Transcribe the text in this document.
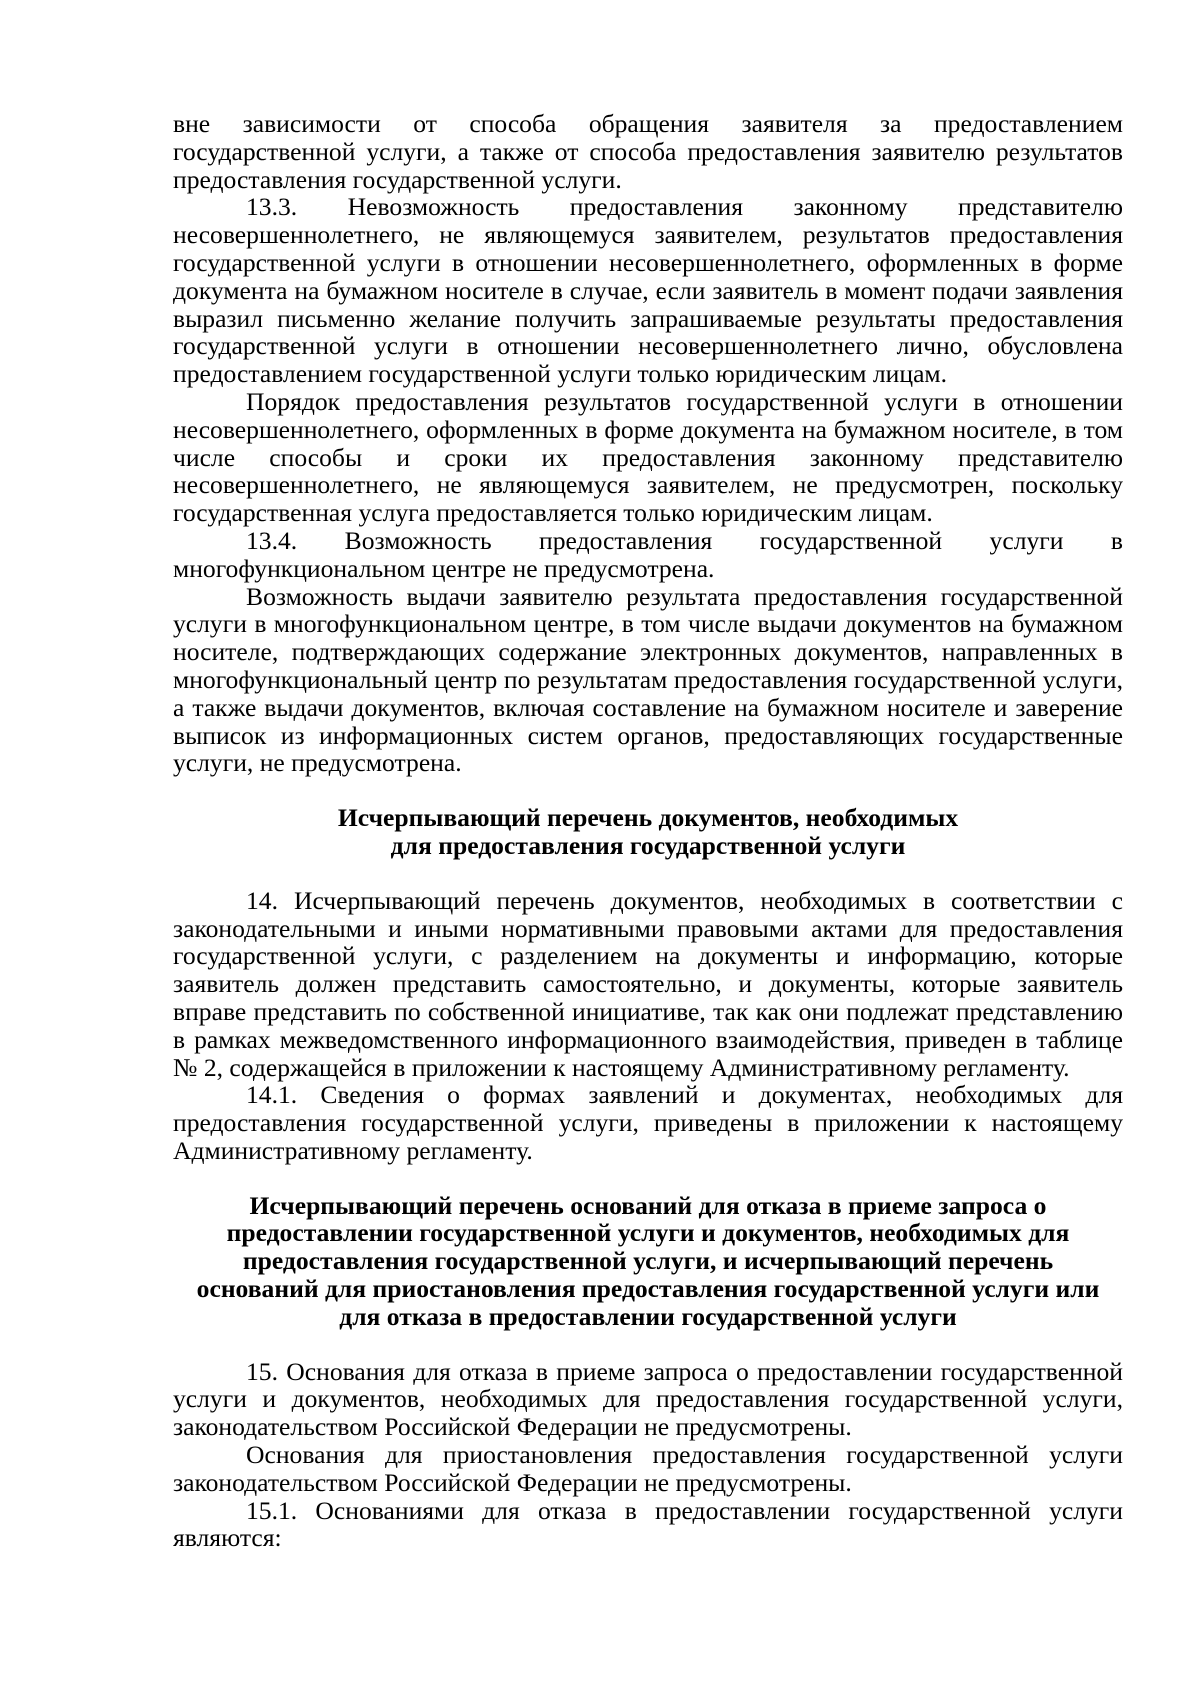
вне зависимости от способа обращения заявителя за предоставлением государственной услуги, а также от способа предоставления заявителю результатов предоставления государственной услуги.

13.3. Невозможность предоставления законному представителю несовершеннолетнего, не являющемуся заявителем, результатов предоставления государственной услуги в отношении несовершеннолетнего, оформленных в форме документа на бумажном носителе в случае, если заявитель в момент подачи заявления выразил письменно желание получить запрашиваемые результаты предоставления государственной услуги в отношении несовершеннолетнего лично, обусловлена предоставлением государственной услуги только юридическим лицам.

Порядок предоставления результатов государственной услуги в отношении несовершеннолетнего, оформленных в форме документа на бумажном носителе, в том числе способы и сроки их предоставления законному представителю несовершеннолетнего, не являющемуся заявителем, не предусмотрен, поскольку государственная услуга предоставляется только юридическим лицам.

13.4. Возможность предоставления государственной услуги в многофункциональном центре не предусмотрена.

Возможность выдачи заявителю результата предоставления государственной услуги в многофункциональном центре, в том числе выдачи документов на бумажном носителе, подтверждающих содержание электронных документов, направленных в многофункциональный центр по результатам предоставления государственной услуги, а также выдачи документов, включая составление на бумажном носителе и заверение выписок из информационных систем органов, предоставляющих государственные услуги, не предусмотрена.

Исчерпывающий перечень документов, необходимых
для предоставления государственной услуги

14. Исчерпывающий перечень документов, необходимых в соответствии с законодательными и иными нормативными правовыми актами для предоставления государственной услуги, с разделением на документы и информацию, которые заявитель должен представить самостоятельно, и документы, которые заявитель вправе представить по собственной инициативе, так как они подлежат представлению в рамках межведомственного информационного взаимодействия, приведен в таблице № 2, содержащейся в приложении к настоящему Административному регламенту.

14.1. Сведения о формах заявлений и документах, необходимых для предоставления государственной услуги, приведены в приложении к настоящему Административному регламенту.

Исчерпывающий перечень оснований для отказа в приеме запроса о
предоставлении государственной услуги и документов, необходимых для
предоставления государственной услуги, и исчерпывающий перечень
оснований для приостановления предоставления государственной услуги или
для отказа в предоставлении государственной услуги

15. Основания для отказа в приеме запроса о предоставлении государственной услуги и документов, необходимых для предоставления государственной услуги, законодательством Российской Федерации не предусмотрены.

Основания для приостановления предоставления государственной услуги законодательством Российской Федерации не предусмотрены.

15.1. Основаниями для отказа в предоставлении государственной услуги являются:
